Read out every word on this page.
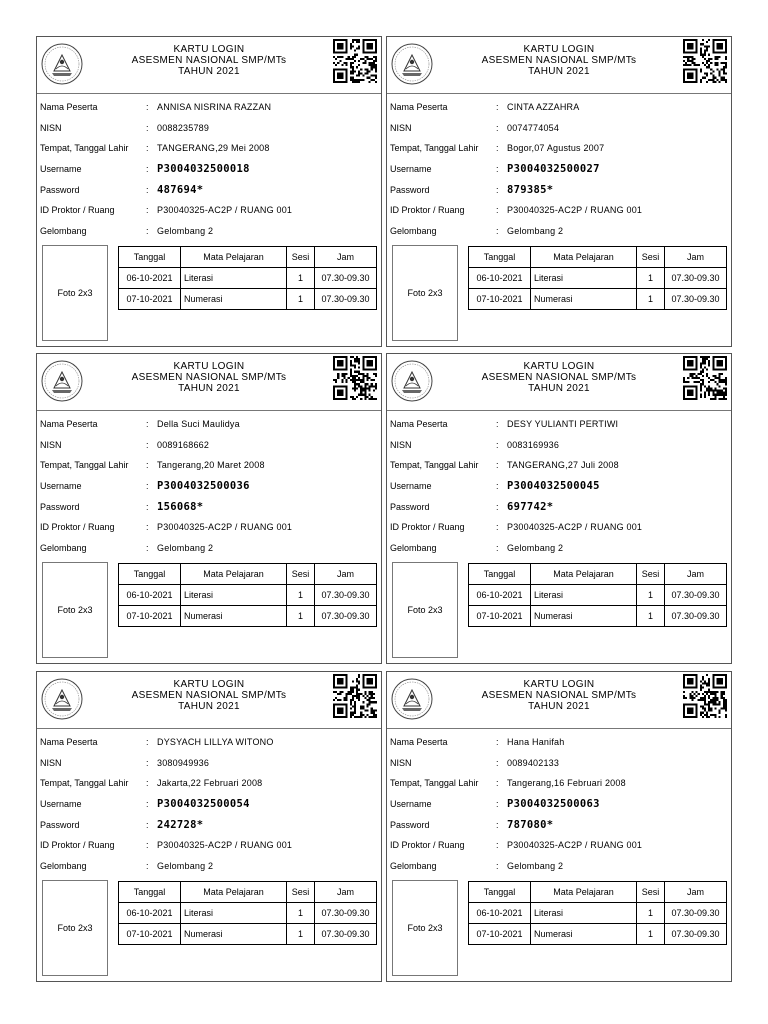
KARTU LOGIN
ASESMEN NASIONAL SMP/MTs
TAHUN 2021
Nama Peserta	: ANNISA NISRINA RAZZAN
NISN	: 0088235789
Tempat, Tanggal Lahir : TANGERANG,29 Mei 2008
Username	: P3004032500018
Password	: 487694*
ID Proktor / Ruang	: P30040325-AC2P / RUANG 001
Gelombang	: Gelombang 2
Foto 2x3
Tanggal	Mata Pelajaran	Sesi	Jam
06-10-2021	Literasi	1	07.30-09.30
07-10-2021	Numerasi	1	07.30-09.30
KARTU LOGIN
ASESMEN NASIONAL SMP/MTs
TAHUN 2021
Nama Peserta	: CINTA AZZAHRA
NISN	: 0074774054
Tempat, Tanggal Lahir : Bogor,07 Agustus 2007
Username	: P3004032500027
Password	: 879385*
ID Proktor / Ruang	: P30040325-AC2P / RUANG 001
Gelombang	: Gelombang 2
Foto 2x3
Tanggal	Mata Pelajaran	Sesi	Jam
06-10-2021	Literasi	1	07.30-09.30
07-10-2021	Numerasi	1	07.30-09.30
KARTU LOGIN
ASESMEN NASIONAL SMP/MTs
TAHUN 2021
Nama Peserta	: Della Suci Maulidya
NISN	: 0089168662
Tempat, Tanggal Lahir : Tangerang,20 Maret 2008
Username	: P3004032500036
Password	: 156068*
ID Proktor / Ruang	: P30040325-AC2P / RUANG 001
Gelombang	: Gelombang 2
Foto 2x3
Tanggal	Mata Pelajaran	Sesi	Jam
06-10-2021	Literasi	1	07.30-09.30
07-10-2021	Numerasi	1	07.30-09.30
KARTU LOGIN
ASESMEN NASIONAL SMP/MTs
TAHUN 2021
Nama Peserta	: DESY YULIANTI PERTIWI
NISN	: 0083169936
Tempat, Tanggal Lahir : TANGERANG,27 Juli 2008
Username	: P3004032500045
Password	: 697742*
ID Proktor / Ruang	: P30040325-AC2P / RUANG 001
Gelombang	: Gelombang 2
Foto 2x3
Tanggal	Mata Pelajaran	Sesi	Jam
06-10-2021	Literasi	1	07.30-09.30
07-10-2021	Numerasi	1	07.30-09.30
KARTU LOGIN
ASESMEN NASIONAL SMP/MTs
TAHUN 2021
Nama Peserta	: DYSYACH LILLYA WITONO
NISN	: 3080949936
Tempat, Tanggal Lahir : Jakarta,22 Februari 2008
Username	: P3004032500054
Password	: 242728*
ID Proktor / Ruang	: P30040325-AC2P / RUANG 001
Gelombang	: Gelombang 2
Foto 2x3
Tanggal	Mata Pelajaran	Sesi	Jam
06-10-2021	Literasi	1	07.30-09.30
07-10-2021	Numerasi	1	07.30-09.30
KARTU LOGIN
ASESMEN NASIONAL SMP/MTs
TAHUN 2021
Nama Peserta	: Hana Hanifah
NISN	: 0089402133
Tempat, Tanggal Lahir : Tangerang,16 Februari 2008
Username	: P3004032500063
Password	: 787080*
ID Proktor / Ruang	: P30040325-AC2P / RUANG 001
Gelombang	: Gelombang 2
Foto 2x3
Tanggal	Mata Pelajaran	Sesi	Jam
06-10-2021	Literasi	1	07.30-09.30
07-10-2021	Numerasi	1	07.30-09.30
